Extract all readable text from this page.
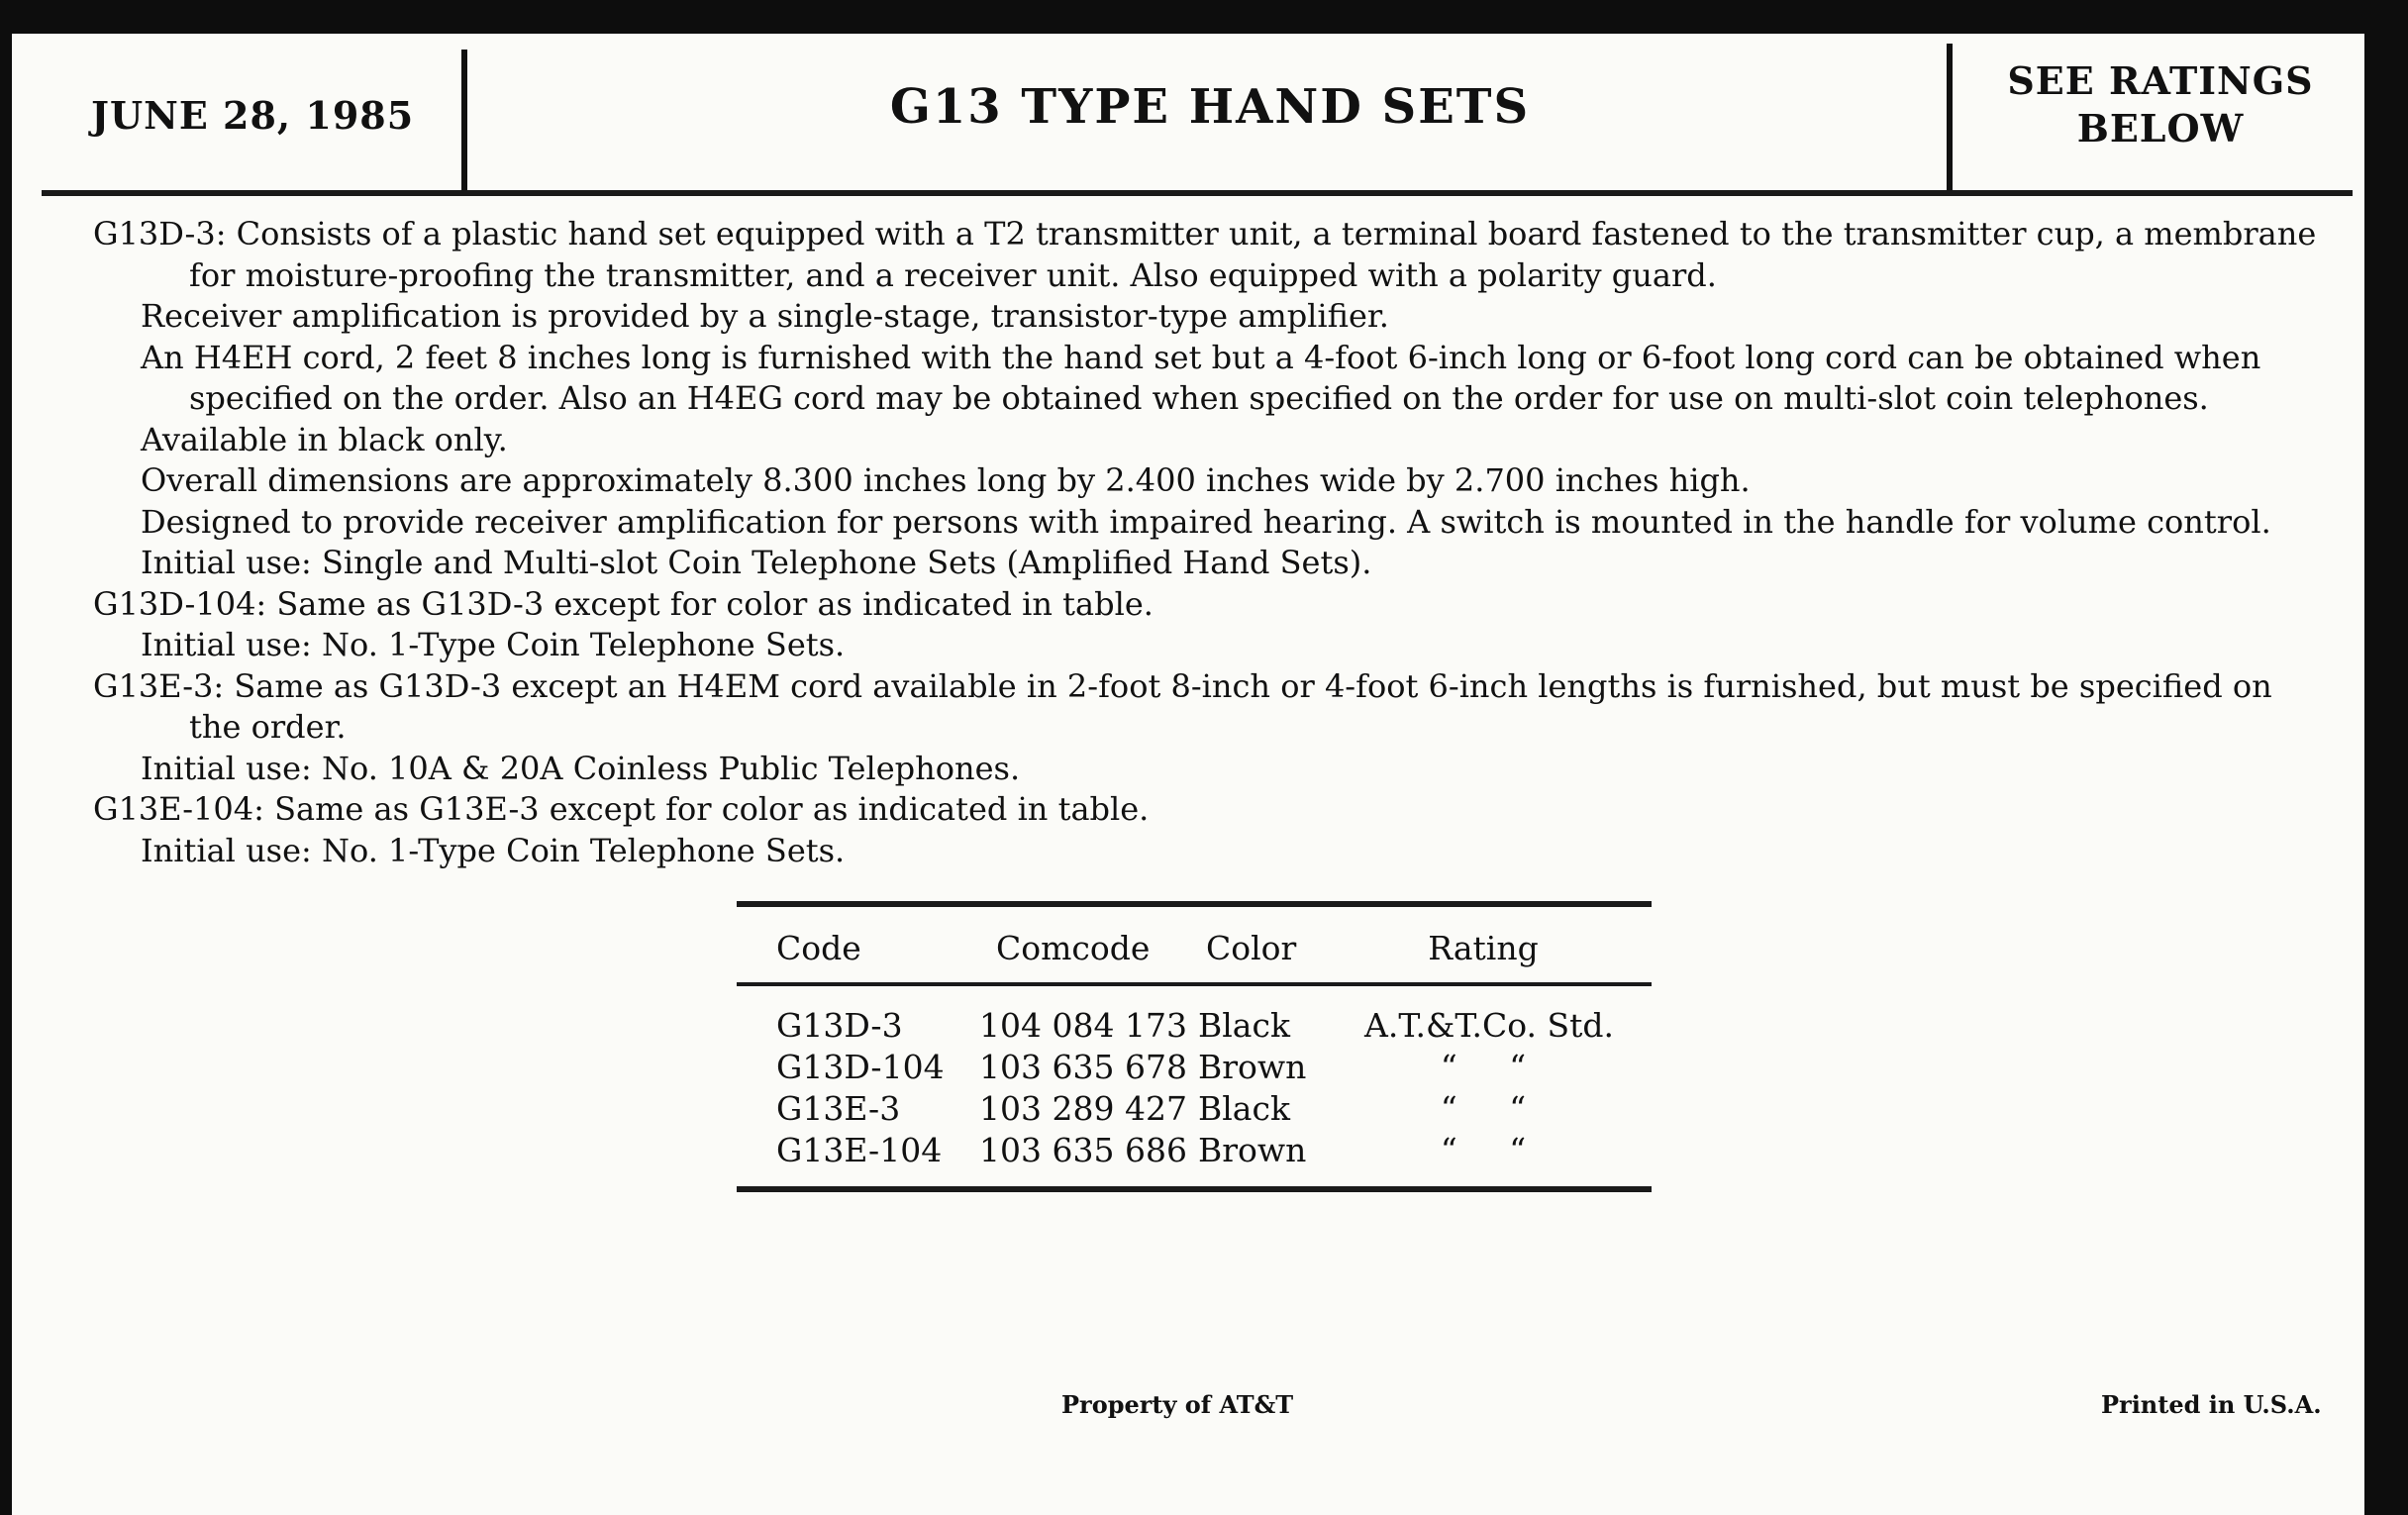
JUNE 28, 1985	G13 TYPE HAND SETS	SEE RATINGS
BELOW

G13D-3: Consists of a plastic hand set equipped with a T2 transmitter unit, a terminal board fastened to the transmitter cup, a membrane for moisture-proofing the transmitter, and a receiver unit. Also equipped with a polarity guard.

Receiver amplification is provided by a single-stage, transistor-type amplifier.

An H4EH cord, 2 feet 8 inches long is furnished with the hand set but a 4-foot 6-inch long or 6-foot long cord can be obtained when specified on the order. Also an H4EG cord may be obtained when specified on the order for use on multi-slot coin telephones.

Available in black only.

Overall dimensions are approximately 8.300 inches long by 2.400 inches wide by 2.700 inches high.

Designed to provide receiver amplification for persons with impaired hearing. A switch is mounted in the handle for volume control.

Initial use: Single and Multi-slot Coin Telephone Sets (Amplified Hand Sets).

G13D-104: Same as G13D-3 except for color as indicated in table.

Initial use: No. 1-Type Coin Telephone Sets.

G13E-3: Same as G13D-3 except an H4EM cord available in 2-foot 8-inch or 4-foot 6-inch lengths is furnished, but must be specified on the order.

Initial use: No. 10A & 20A Coinless Public Telephones.

G13E-104: Same as G13E-3 except for color as indicated in table.

Initial use: No. 1-Type Coin Telephone Sets.

Code	Comcode Color	Rating
G13D-3 104 084 173 Black A.T.&T.Co. Std.
G13D-104 103 635 678 Brown	“     “
G13E-3 103 289 427 Black	“     “
G13E-104 103 635 686 Brown	“     “
Property of AT&T	Printed in U.S.A.
